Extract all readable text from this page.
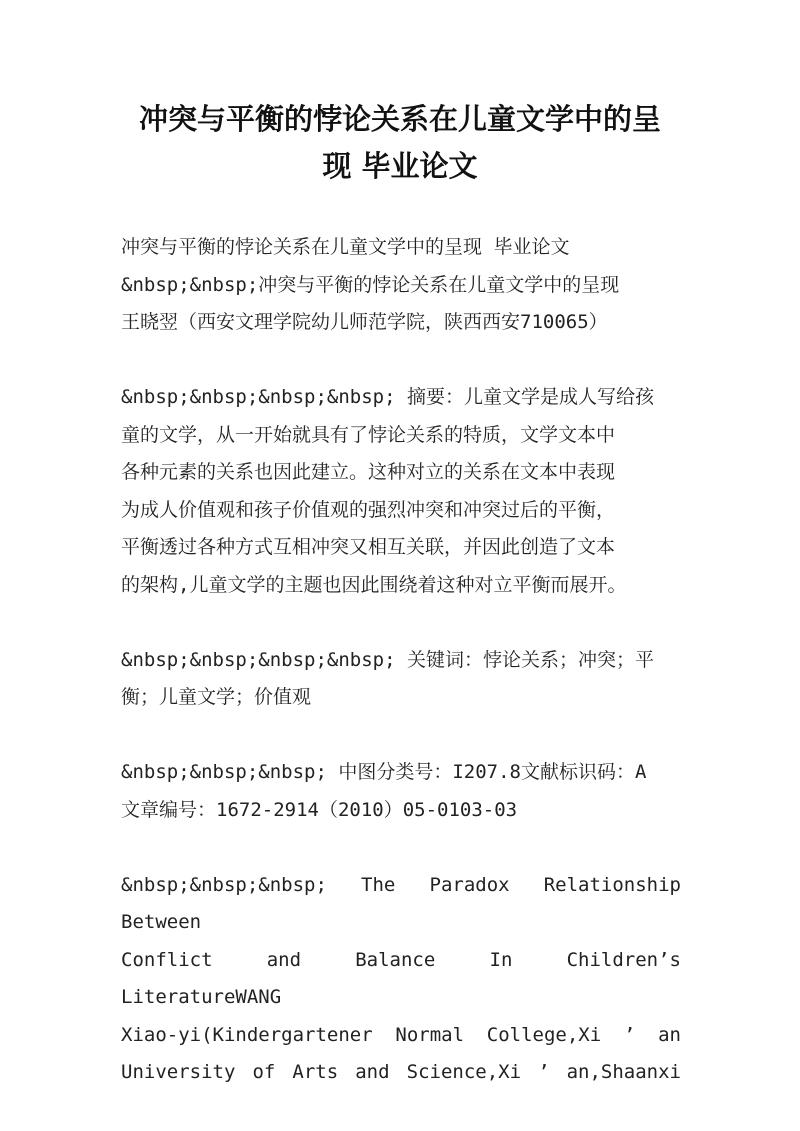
冲突与平衡的悖论关系在儿童文学中的呈
现 毕业论文
冲突与平衡的悖论关系在儿童文学中的呈现 毕业论文
&nbsp;&nbsp;冲突与平衡的悖论关系在儿童文学中的呈现
王晓翌（西安文理学院幼儿师范学院，陕西西安710065）
&nbsp;&nbsp;&nbsp;&nbsp; 摘要：儿童文学是成人写给孩
童的文学，从一开始就具有了悖论关系的特质，文学文本中
各种元素的关系也因此建立。这种对立的关系在文本中表现
为成人价值观和孩子价值观的强烈冲突和冲突过后的平衡，
平衡透过各种方式互相冲突又相互关联，并因此创造了文本
的架构,儿童文学的主题也因此围绕着这种对立平衡而展开。
&nbsp;&nbsp;&nbsp;&nbsp; 关键词：悖论关系；冲突；平
衡；儿童文学；价值观
&nbsp;&nbsp;&nbsp; 中图分类号：I207.8文献标识码：A
文章编号：1672-2914（2010）05-0103-03
&nbsp;&nbsp;&nbsp; The Paradox Relationship Between
Conflict and Balance In Children’s LiteratureWANG
Xiao-yi(Kindergartener Normal College,Xi ’ an
University of Arts and Science,Xi ’ an,Shaanxi
